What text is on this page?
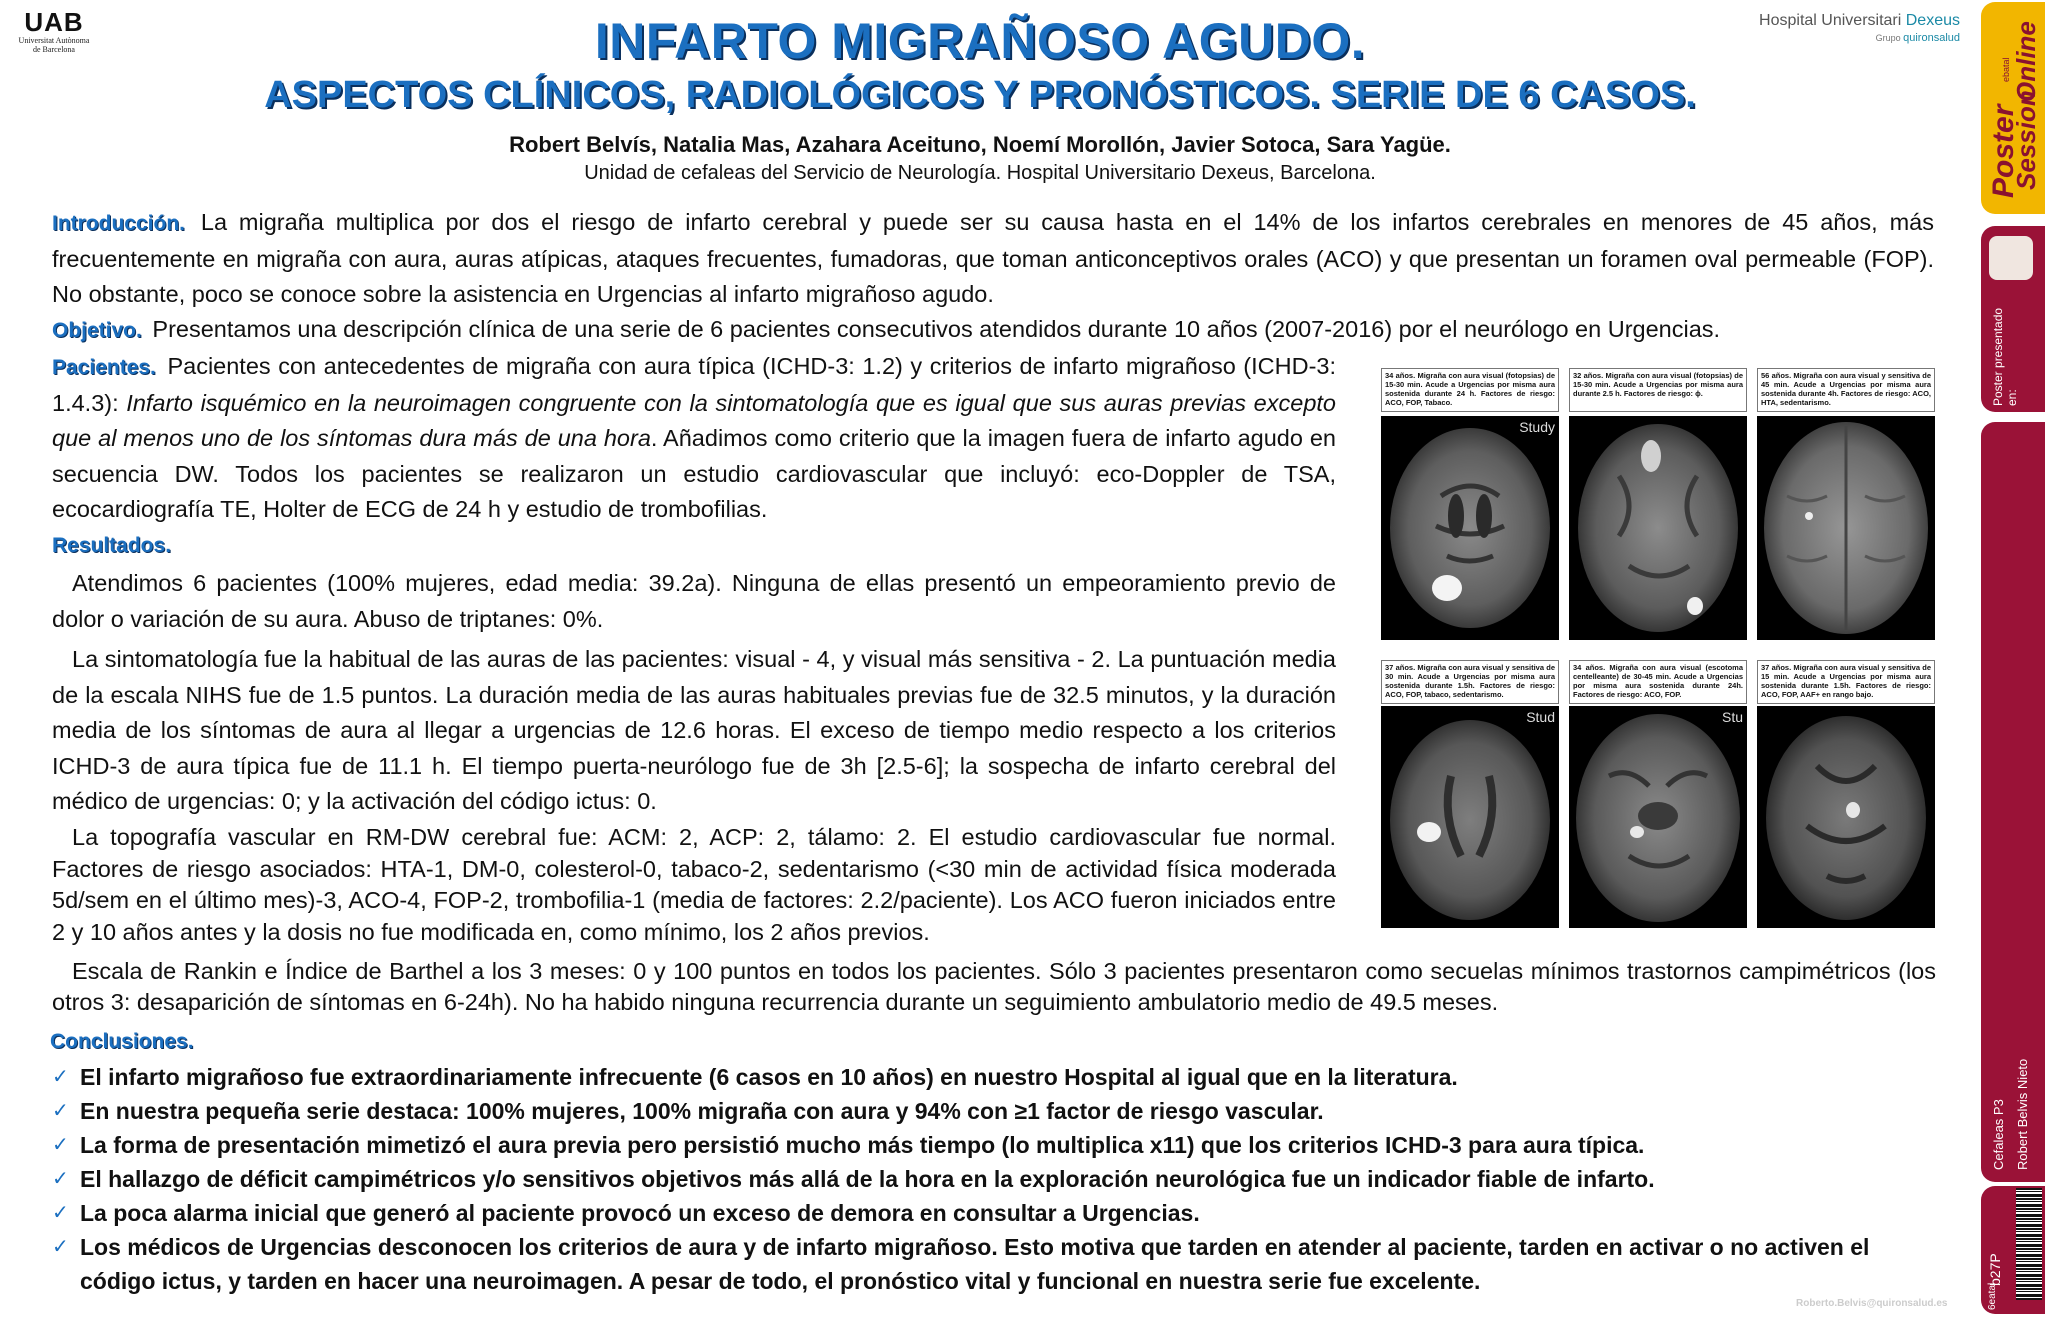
UAB
Universitat Autònoma
de Barcelona
Hospital Universitari Dexeus
Grupo quironsalud
INFARTO MIGRAÑOSO AGUDO.
ASPECTOS CLÍNICOS, RADIOLÓGICOS Y PRONÓSTICOS. SERIE DE 6 CASOS.
Robert Belvís, Natalia Mas, Azahara Aceituno, Noemí Morollón, Javier Sotoca, Sara Yagüe.
Unidad de cefaleas del Servicio de Neurología. Hospital Universitario Dexeus, Barcelona.
Introducción. La migraña multiplica por dos el riesgo de infarto cerebral y puede ser su causa hasta en el 14% de los infartos cerebrales en menores de 45 años, más frecuentemente en migraña con aura, auras atípicas, ataques frecuentes, fumadoras, que toman anticonceptivos orales (ACO) y que presentan un foramen oval permeable (FOP). No obstante, poco se conoce sobre la asistencia en Urgencias al infarto migrañoso agudo.
Objetivo. Presentamos una descripción clínica de una serie de 6 pacientes consecutivos atendidos durante 10 años (2007-2016) por el neurólogo en Urgencias.
Pacientes. Pacientes con antecedentes de migraña con aura típica (ICHD-3: 1.2) y criterios de infarto migrañoso (ICHD-3: 1.4.3): Infarto isquémico en la neuroimagen congruente con la sintomatología que es igual que sus auras previas excepto que al menos uno de los síntomas dura más de una hora. Añadimos como criterio que la imagen fuera de infarto agudo en secuencia DW. Todos los pacientes se realizaron un estudio cardiovascular que incluyó: eco-Doppler de TSA, ecocardiografía TE, Holter de ECG de 24 h y estudio de trombofilias.
Resultados.
Atendimos 6 pacientes (100% mujeres, edad media: 39.2a). Ninguna de ellas presentó un empeoramiento previo de dolor o variación de su aura. Abuso de triptanes: 0%.
La sintomatología fue la habitual de las auras de las pacientes: visual - 4, y visual más sensitiva - 2. La puntuación media de la escala NIHS fue de 1.5 puntos. La duración media de las auras habituales previas fue de 32.5 minutos, y la duración media de los síntomas de aura al llegar a urgencias de 12.6 horas. El exceso de tiempo medio respecto a los criterios ICHD-3 de aura típica fue de 11.1 h. El tiempo puerta-neurólogo fue de 3h [2.5-6]; la sospecha de infarto cerebral del médico de urgencias: 0; y la activación del código ictus: 0.
La topografía vascular en RM-DW cerebral fue: ACM: 2, ACP: 2, tálamo: 2. El estudio cardiovascular fue normal. Factores de riesgo asociados: HTA-1, DM-0, colesterol-0, tabaco-2, sedentarismo (<30 min de actividad física moderada 5d/sem en el último mes)-3, ACO-4, FOP-2, trombofilia-1 (media de factores: 2.2/paciente). Los ACO fueron iniciados entre 2 y 10 años antes y la dosis no fue modificada en, como mínimo, los 2 años previos.
Escala de Rankin e Índice de Barthel a los 3 meses: 0 y 100 puntos en todos los pacientes. Sólo 3 pacientes presentaron como secuelas mínimos trastornos campimétricos (los otros 3: desaparición de síntomas en 6-24h). No ha habido ninguna recurrencia durante un seguimiento ambulatorio medio de 49.5 meses.
Conclusiones.
✓ El infarto migrañoso fue extraordinariamente infrecuente (6 casos en 10 años) en nuestro Hospital al igual que en la literatura.
✓ En nuestra pequeña serie destaca: 100% mujeres, 100% migraña con aura y 94% con ≥1 factor de riesgo vascular.
✓ La forma de presentación mimetizó el aura previa pero persistió mucho más tiempo (lo multiplica x11) que los criterios ICHD-3 para aura típica.
✓ El hallazgo de déficit campimétricos y/o sensitivos objetivos más allá de la hora en la exploración neurológica fue un indicador fiable de infarto.
✓ La poca alarma inicial que generó al paciente provocó un exceso de demora en consultar a Urgencias.
✓ Los médicos de Urgencias desconocen los criterios de aura y de infarto migrañoso. Esto motiva que tarden en atender al paciente, tarden en activar o no activen el código ictus, y tarden en hacer una neuroimagen. A pesar de todo, el pronóstico vital y funcional en nuestra serie fue excelente.
34 años. Migraña con aura visual (fotopsias) de 15-30 min. Acude a Urgencias por misma aura sostenida durante 24 h. Factores de riesgo: ACO, FOP, Tabaco.
32 años. Migraña con aura visual (fotopsias) de 15-30 min. Acude a Urgencias por misma aura durante 2.5 h. Factores de riesgo: ɸ.
56 años. Migraña con aura visual y sensitiva de 45 min. Acude a Urgencias por misma aura sostenida durante 4h. Factores de riesgo: ACO, HTA, sedentarismo.
Study
37 años. Migraña con aura visual y sensitiva de 30 min. Acude a Urgencias por misma aura sostenida durante 1.5h. Factores de riesgo: ACO, FOP, tabaco, sedentarismo.
34 años. Migraña con aura visual (escotoma centelleante) de 30-45 min. Acude a Urgencias por misma aura sostenida durante 24h. Factores de riesgo: ACO, FOP.
37 años. Migraña con aura visual y sensitiva de 15 min. Acude a Urgencias por misma aura sostenida durante 1.5h. Factores de riesgo: ACO, FOP, AAF+ en rango bajo.
Stud	Stu
Poster
Session
Online
ebatal
Poster presentado en:
Cefaleas P3 Robert Belvis Nieto
b27P
6eatal
Roberto.Belvis@quironsalud.es
